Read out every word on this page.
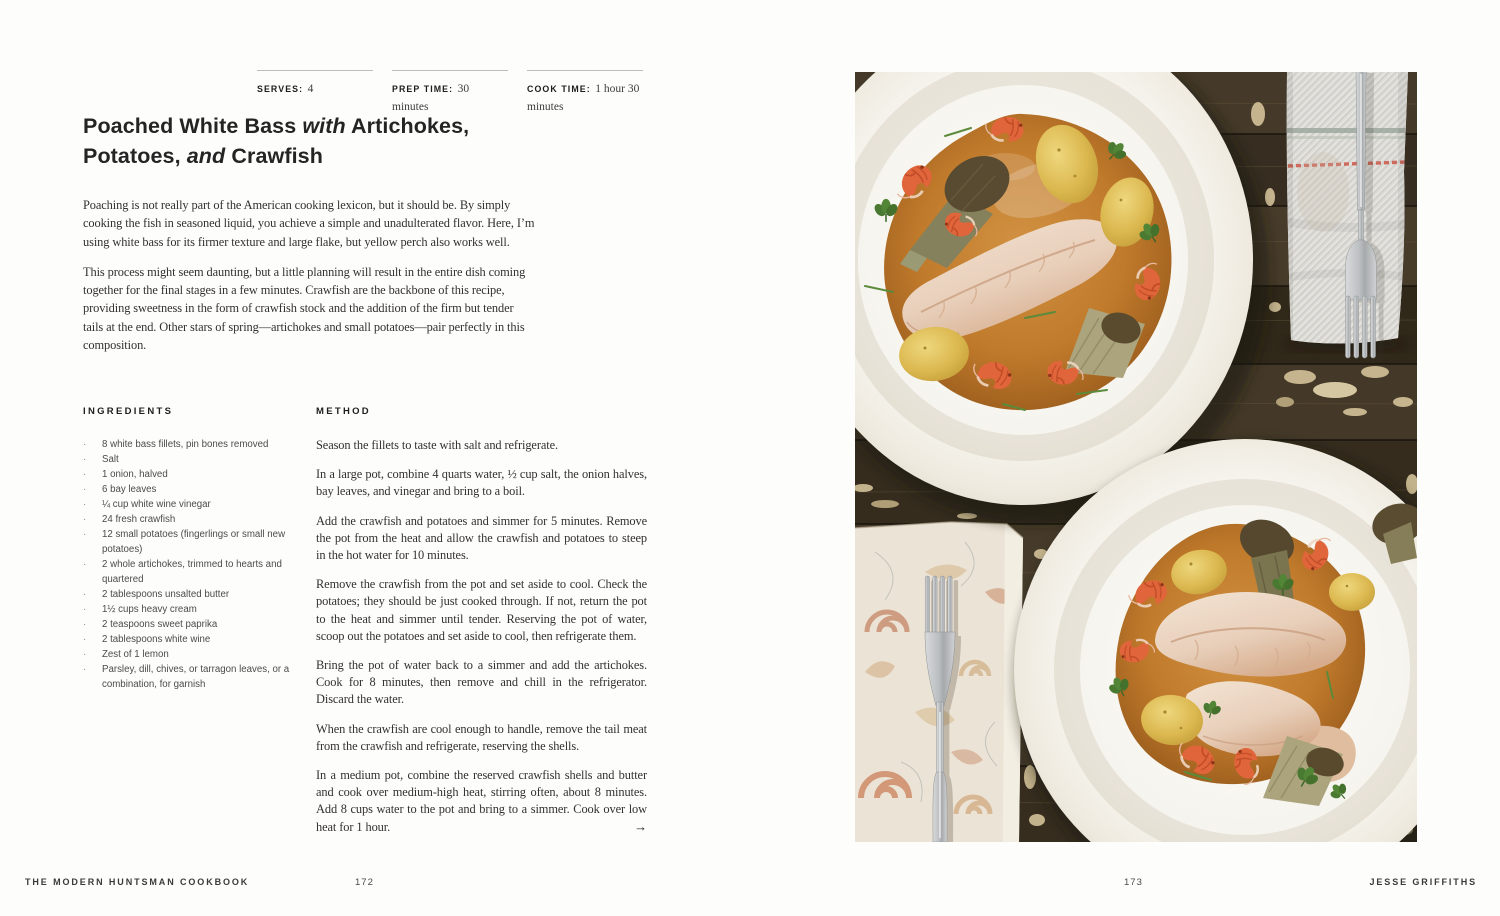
SERVES: 4	PREP TIME: 30 minutes
COOK TIME: 1 hour 30 minutes
Poached White Bass with Artichokes,
Potatoes, and Crawfish

Poaching is not really part of the American cooking lexicon, but it should be. By simply cooking the fish in seasoned liquid, you achieve a simple and unadulterated flavor. Here, I’m using white bass for its firmer texture and large flake, but yellow perch also works well.

This process might seem daunting, but a little planning will result in the entire dish coming together for the final stages in a few minutes. Crawfish are the backbone of this recipe, providing sweetness in the form of crawfish stock and the addition of the firm but tender tails at the end. Other stars of spring—artichokes and small potatoes—pair perfectly in this composition.

INGREDIENTS
·	8 white bass fillets, pin bones removed
·	Salt
·	1 onion, halved
·	6 bay leaves
·	¼ cup white wine vinegar
·	24 fresh crawfish
·	12 small potatoes (fingerlings or small new potatoes)
·	2 whole artichokes, trimmed to hearts and quartered
·	2 tablespoons unsalted butter
·	1½ cups heavy cream
·	2 teaspoons sweet paprika
·	2 tablespoons white wine
·	Zest of 1 lemon
·	Parsley, dill, chives, or tarragon leaves, or a combination, for garnish
METHOD

Season the fillets to taste with salt and refrigerate.

In a large pot, combine 4 quarts water, ½ cup salt, the onion halves, bay leaves, and vinegar and bring to a boil.

Add the crawfish and potatoes and simmer for 5 minutes. Remove the pot from the heat and allow the crawfish and potatoes to steep in the hot water for 10 minutes.

Remove the crawfish from the pot and set aside to cool. Check the potatoes; they should be just cooked through. If not, return the pot to the heat and simmer until tender. Reserving the pot of water, scoop out the potatoes and set aside to cool, then refrigerate them.

Bring the pot of water back to a simmer and add the artichokes. Cook for 8 minutes, then remove and chill in the refrigerator. Discard the water.

When the crawfish are cool enough to handle, remove the tail meat from the crawfish and refrigerate, reserving the shells.

In a medium pot, combine the reserved crawfish shells and butter and cook over medium-high heat, stirring often, about 8 minutes. Add 8 cups water to the pot and bring to a simmer. Cook over low heat for 1 hour.	→

THE MODERN HUNTSMAN COOKBOOK	172	173	JESSE GRIFFITHS
